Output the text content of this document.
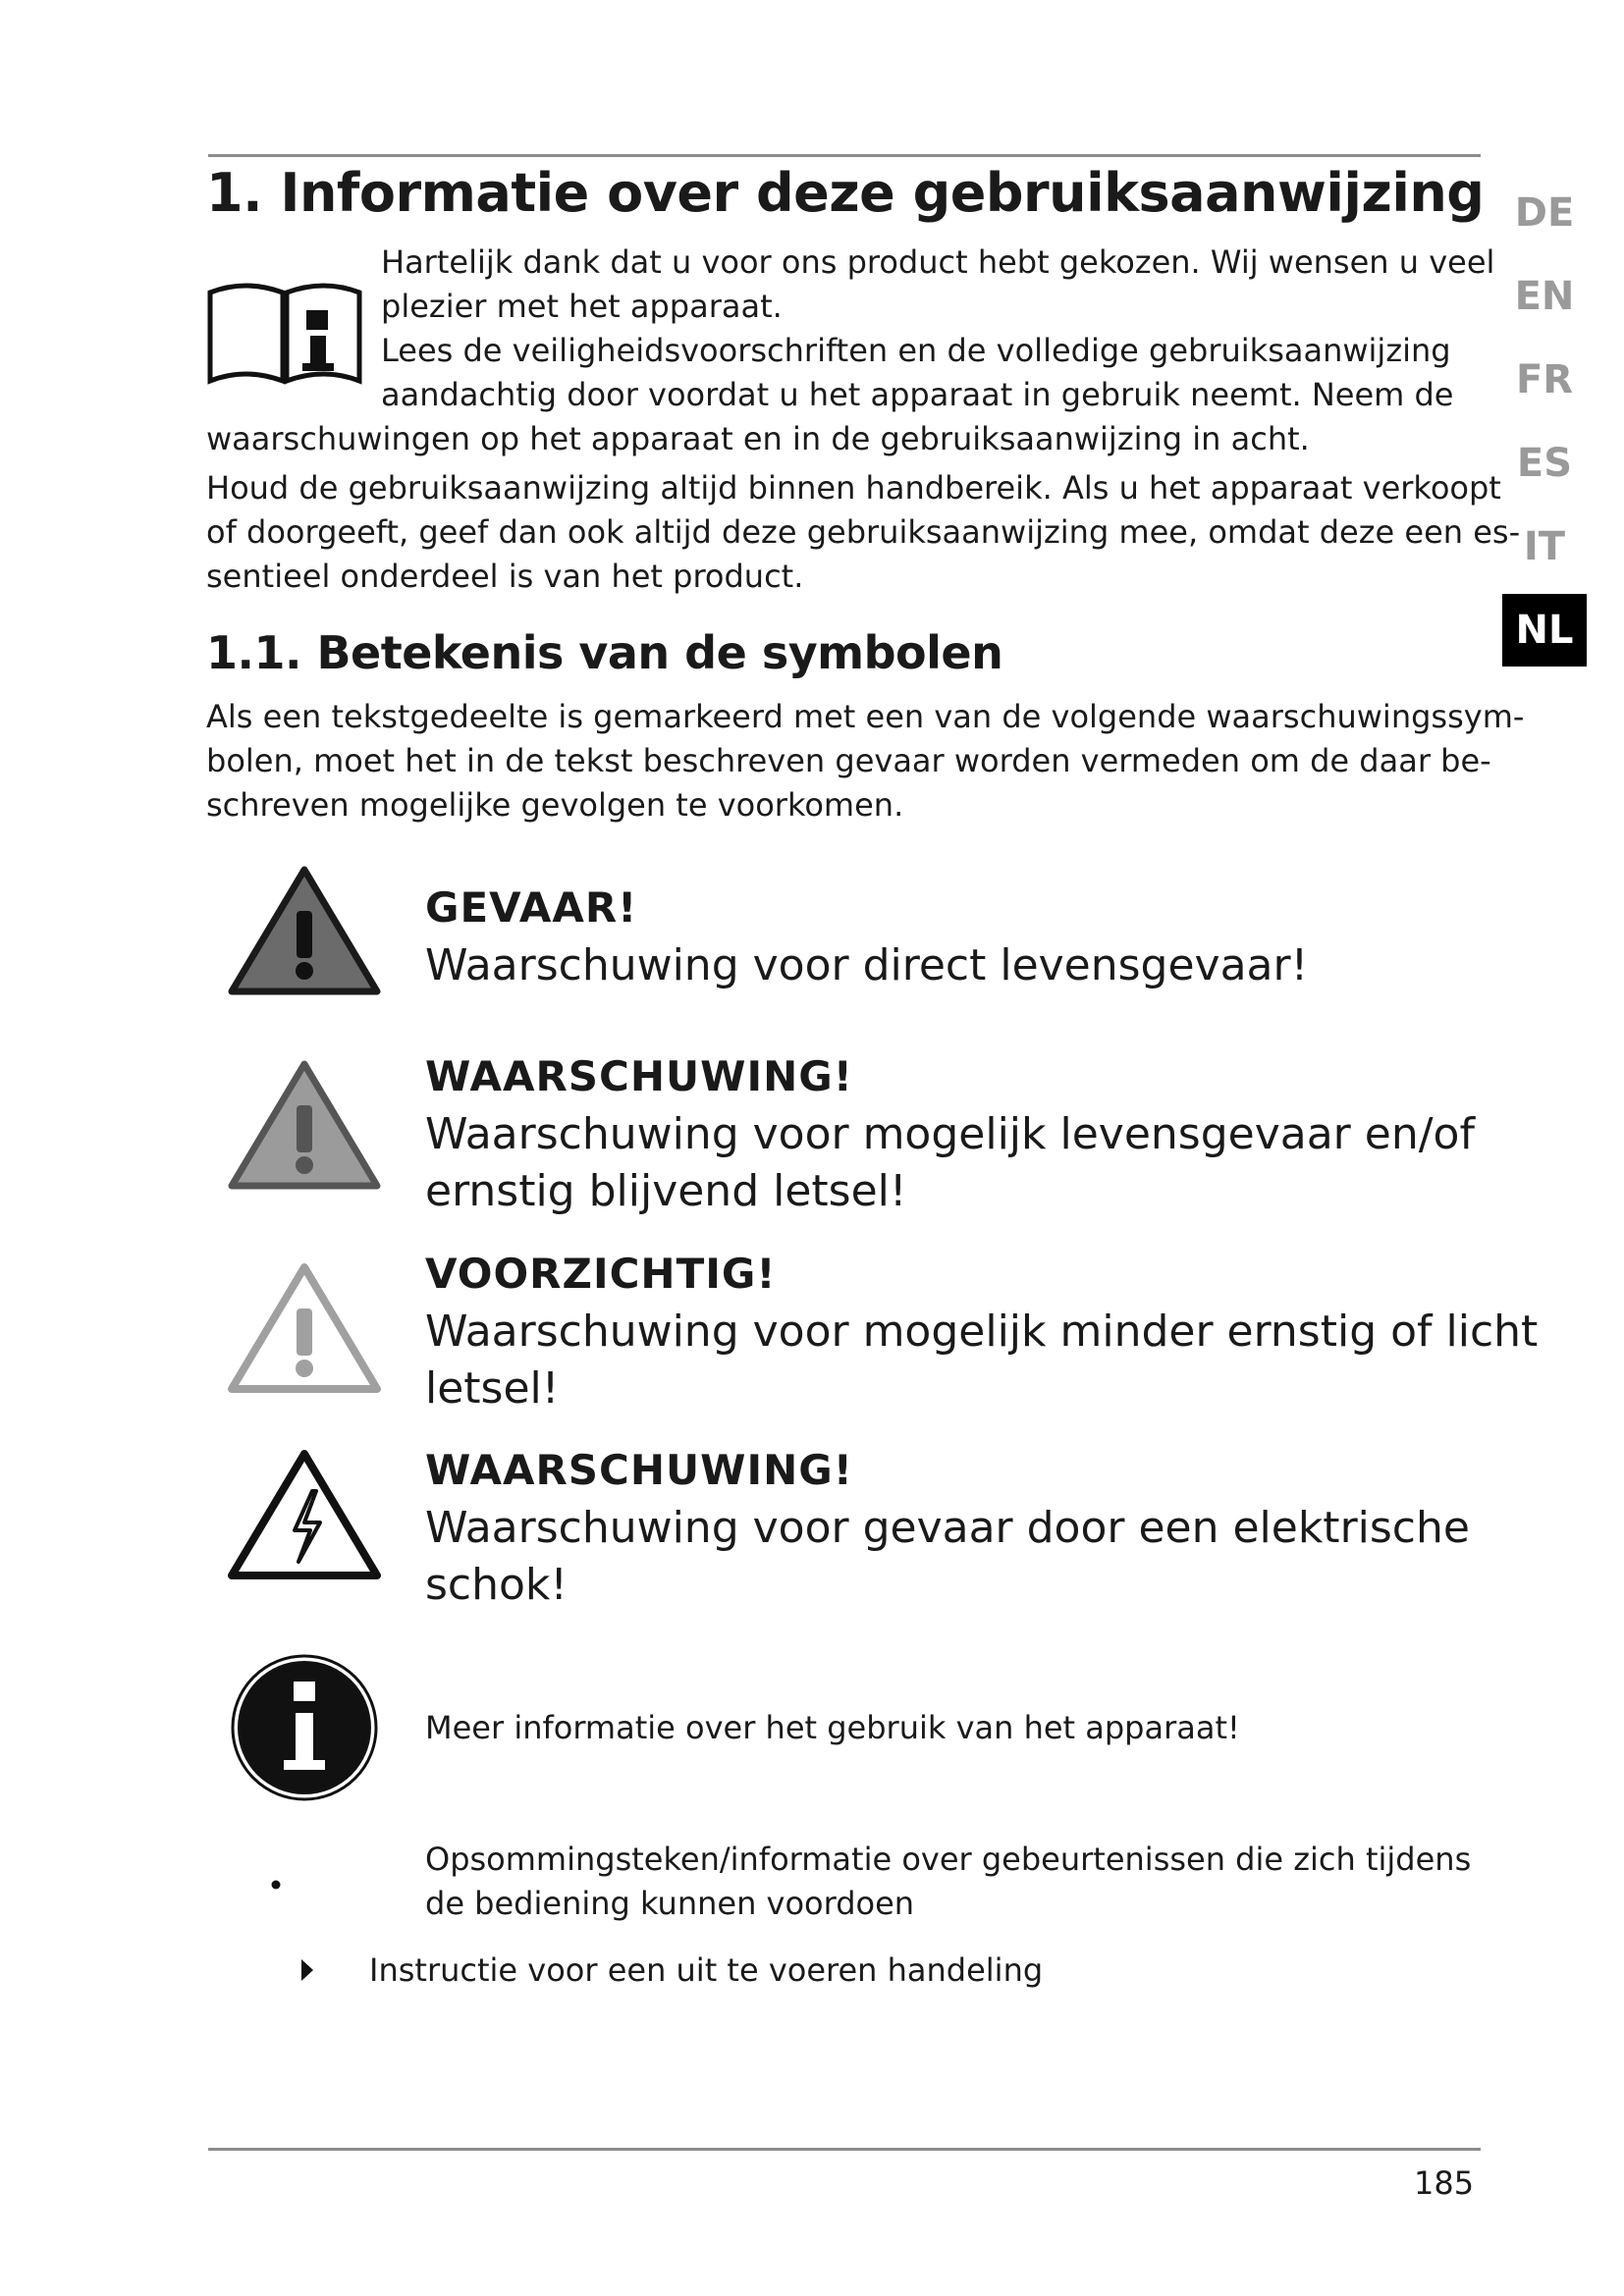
1. Informatie over deze gebruiksaanwijzing DE
EN
FR
ES
IT
NL

Hartelijk dank dat u voor ons product hebt gekozen. Wij wensen u veel

plezier met het apparaat.

Lees de veiligheidsvoorschriften en de volledige gebruiksaanwijzing

aandachtig door voordat u het apparaat in gebruik neemt. Neem de

waarschuwingen op het apparaat en in de gebruiksaanwijzing in acht.

Houd de gebruiksaanwijzing altijd binnen handbereik. Als u het apparaat verkoopt

of doorgeeft, geef dan ook altijd deze gebruiksaanwijzing mee, omdat deze een es-

sentieel onderdeel is van het product.

1.1. Betekenis van de symbolen

Als een tekstgedeelte is gemarkeerd met een van de volgende waarschuwingssym-

bolen, moet het in de tekst beschreven gevaar worden vermeden om de daar be-

schreven mogelijke gevolgen te voorkomen.

GEVAAR!

Waarschuwing voor direct levensgevaar!

WAARSCHUWING!

Waarschuwing voor mogelijk levensgevaar en/of

ernstig blijvend letsel!

VOORZICHTIG!

Waarschuwing voor mogelijk minder ernstig of licht

letsel!

WAARSCHUWING!

Waarschuwing voor gevaar door een elektrische

schok!

Meer informatie over het gebruik van het apparaat!

Opsommingsteken/informatie over gebeurtenissen die zich tijdens

de bediening kunnen voordoen

Instructie voor een uit te voeren handeling

185
